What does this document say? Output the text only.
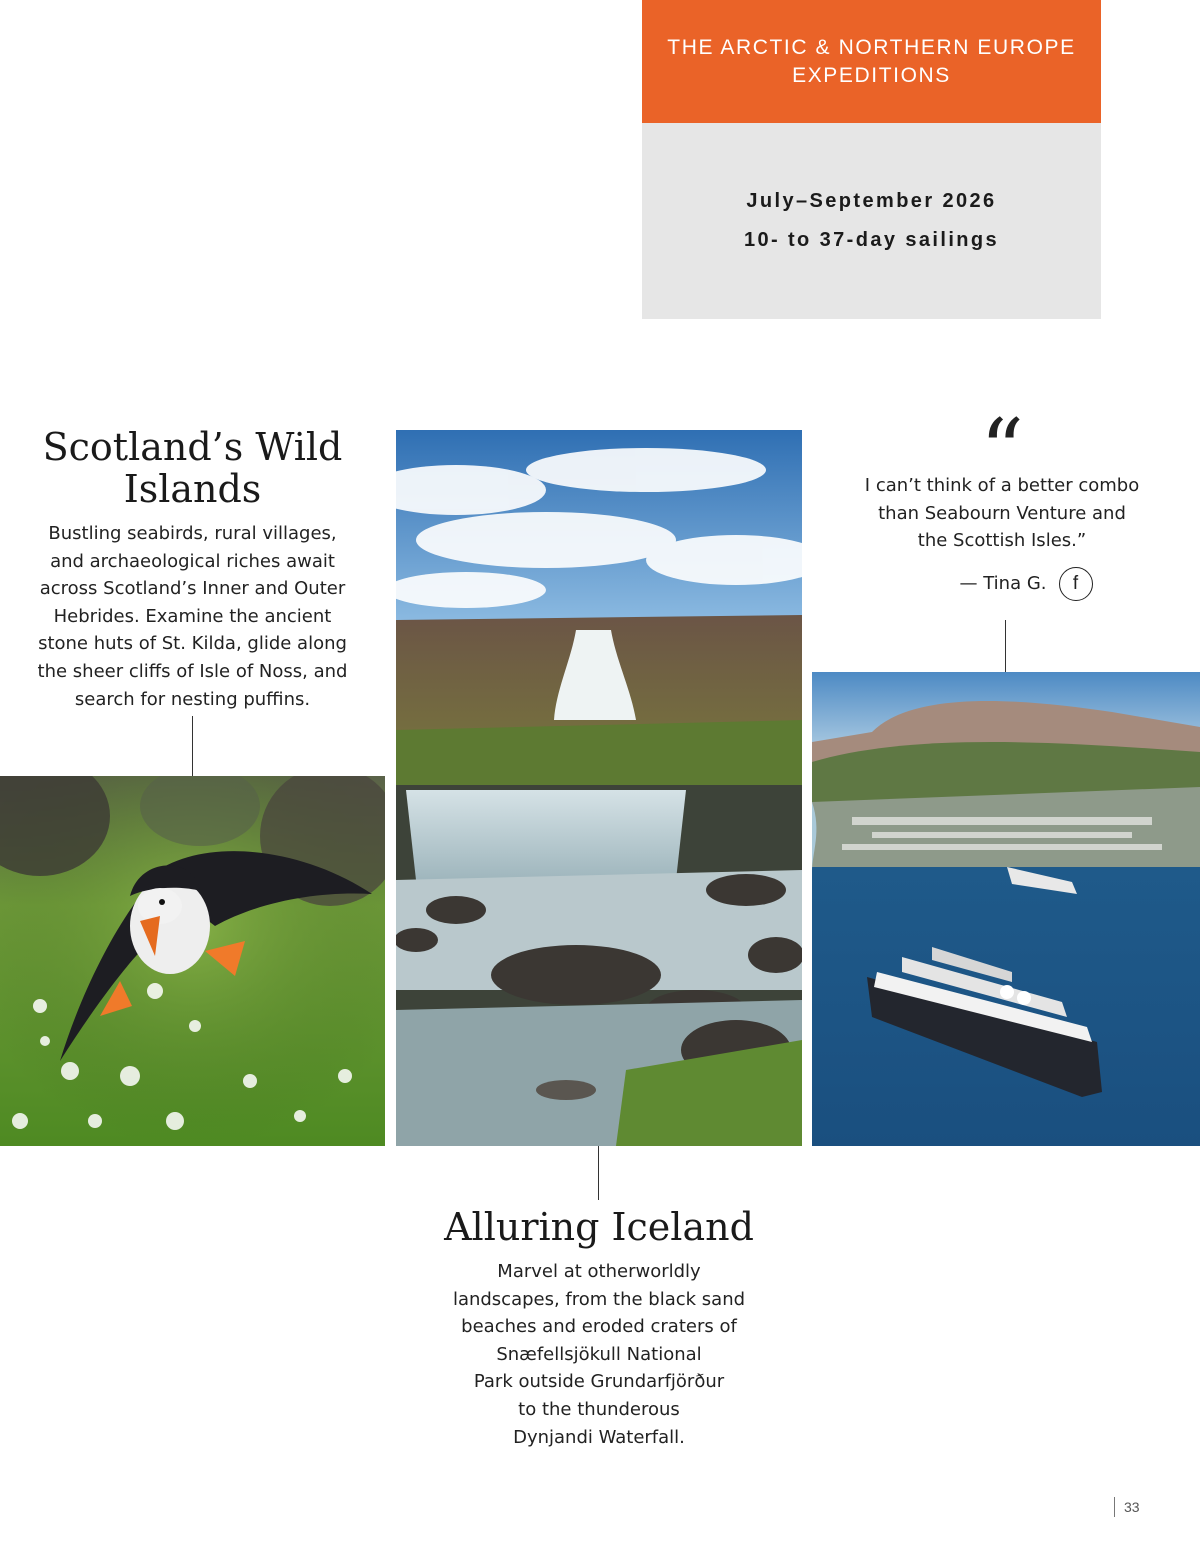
THE ARCTIC & NORTHERN EUROPE
EXPEDITIONS
July–September 2026
10- to 37-day sailings
Scotland’s Wild
Islands
Bustling seabirds, rural villages,
and archaeological riches await
across Scotland’s Inner and Outer
Hebrides. Examine the ancient
stone huts of St. Kilda, glide along
the sheer cliffs of Isle of Noss, and
search for nesting puffins.
“
I can’t think of a better combo
than Seabourn Venture and
the Scottish Isles.”
— Tina G.	f
Alluring Iceland
Marvel at otherworldly
landscapes, from the black sand
beaches and eroded craters of
Snæfellsjökull National
Park outside Grundarfjörður
to the thunderous
Dynjandi Waterfall.
33
